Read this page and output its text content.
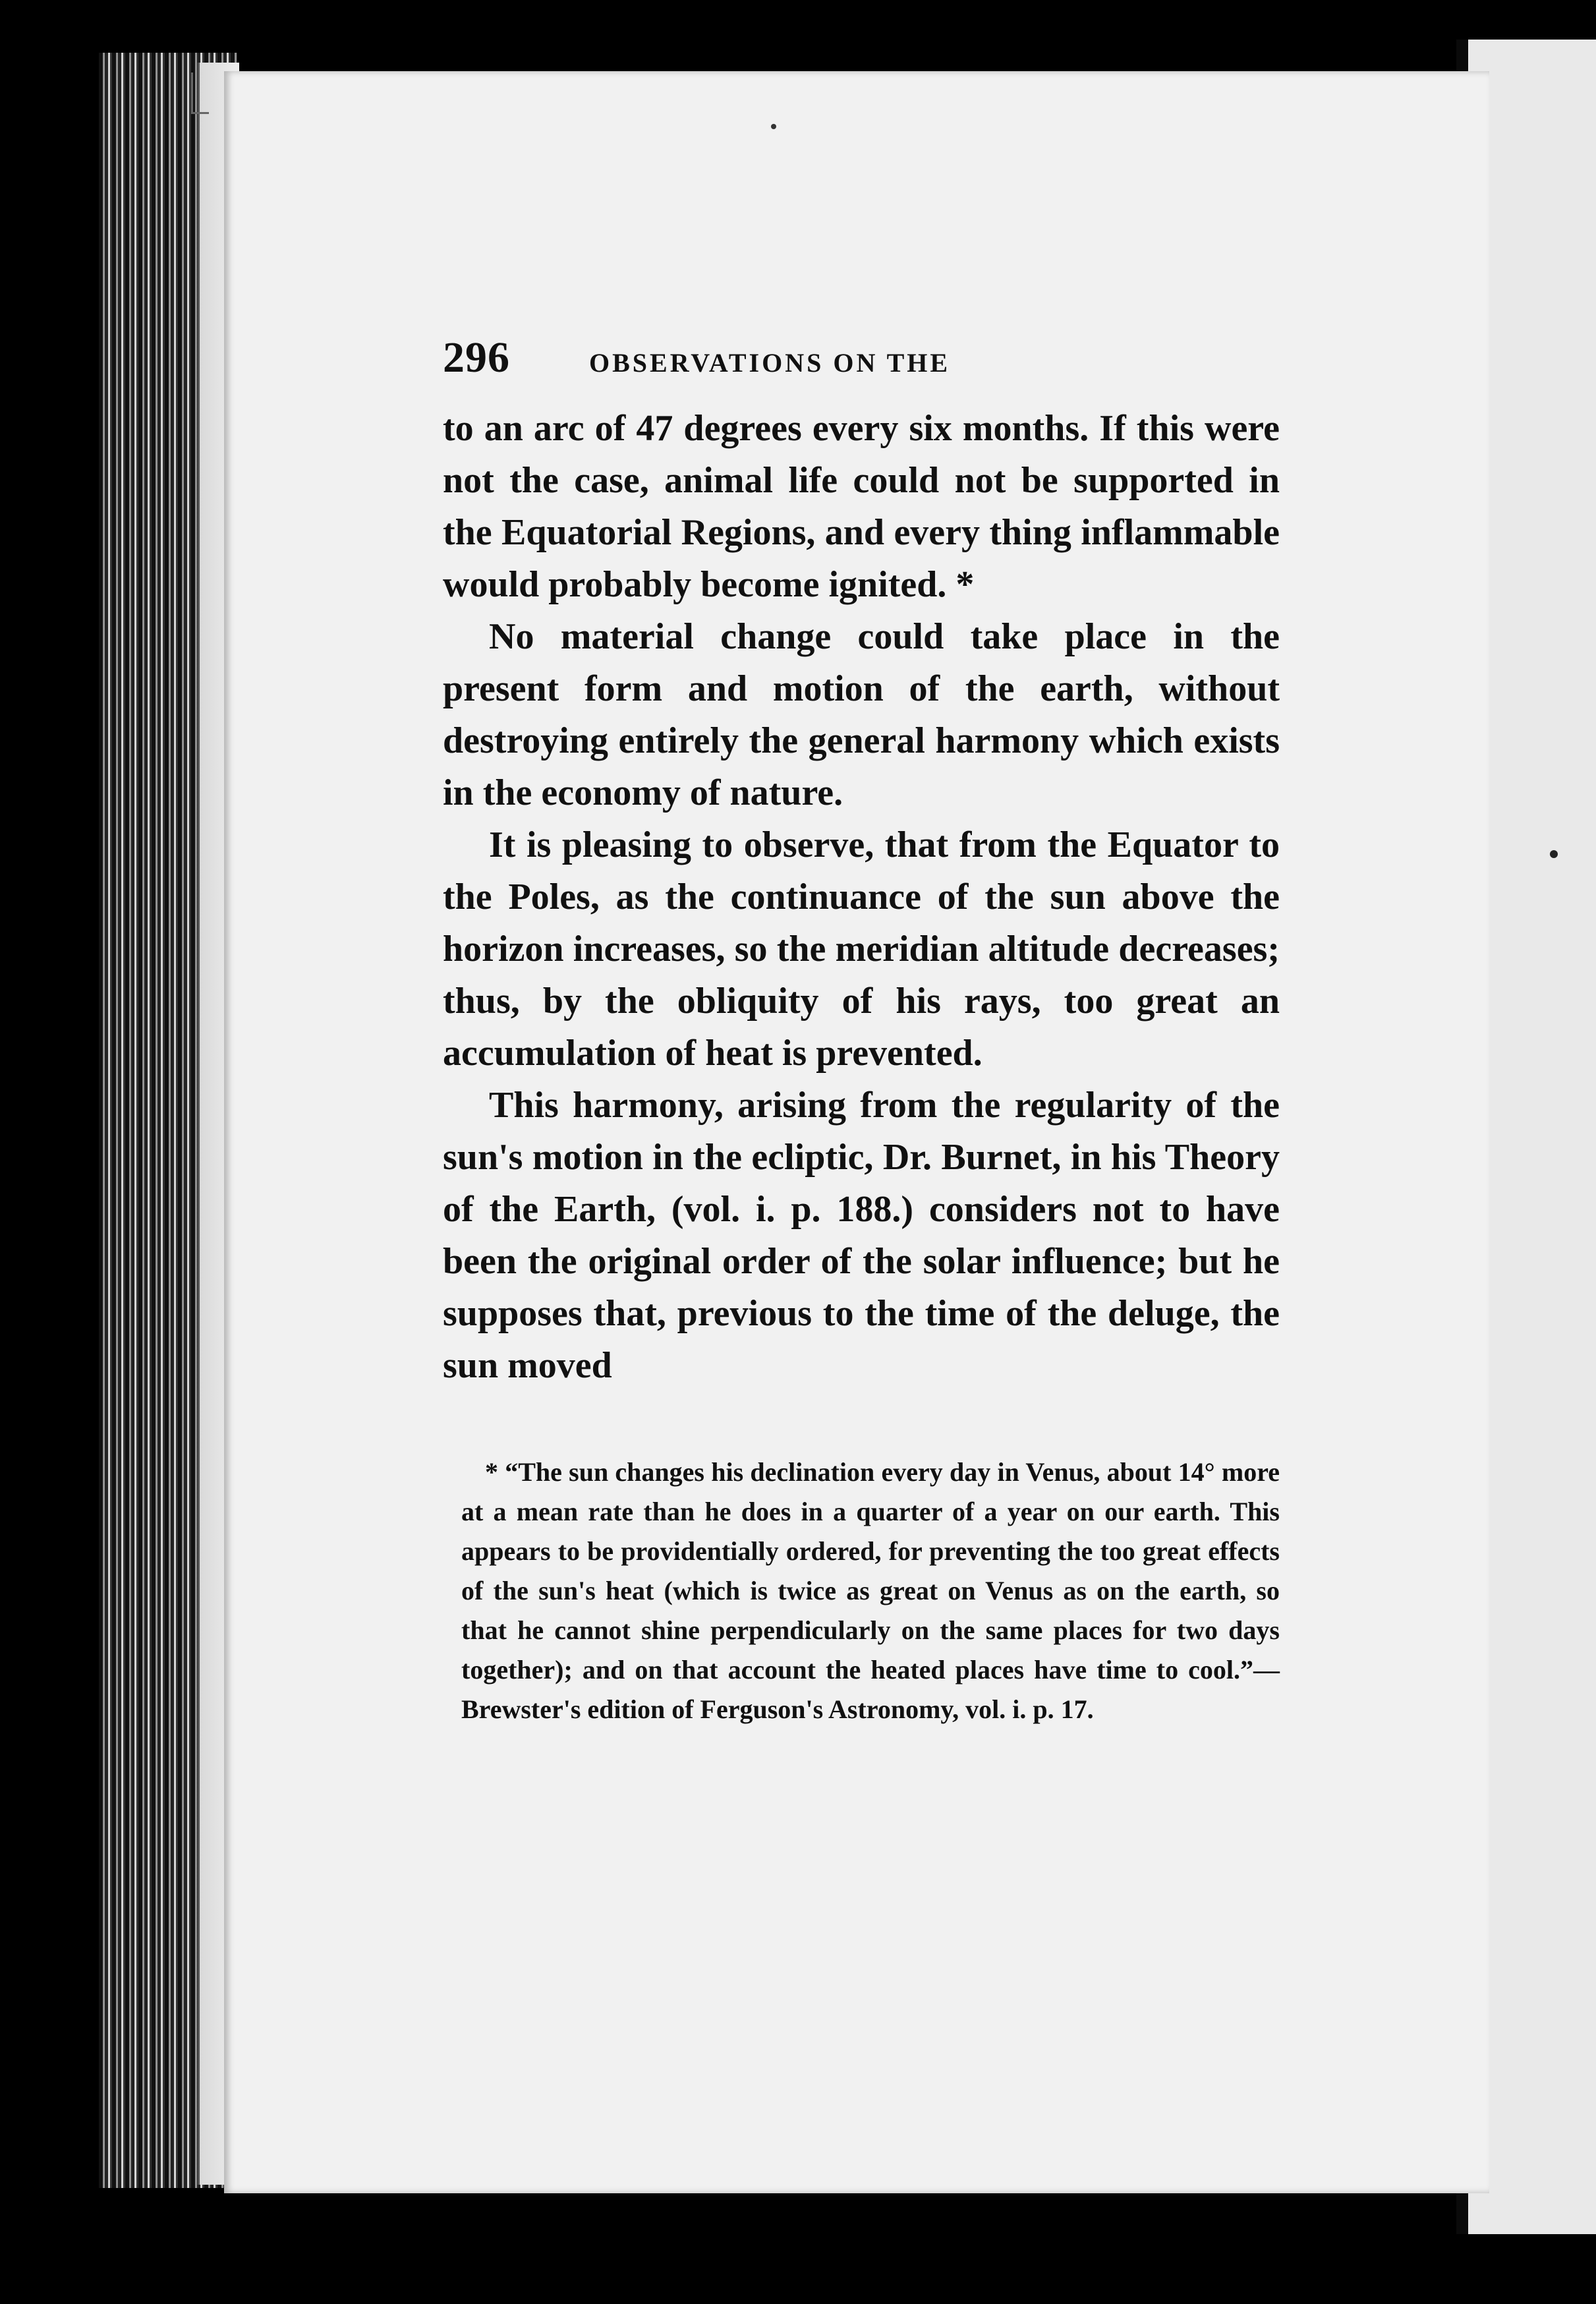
296	OBSERVATIONS ON THE

to an arc of 47 degrees every six months. If this were not the case, animal life could not be supported in the Equatorial Regions, and every thing inflammable would probably become ignited. *

No material change could take place in the present form and motion of the earth, without destroying entirely the general harmony which exists in the economy of nature.

It is pleasing to observe, that from the Equator to the Poles, as the continuance of the sun above the horizon increases, so the meridian altitude decreases; thus, by the obliquity of his rays, too great an accumulation of heat is prevented.

This harmony, arising from the regularity of the sun's motion in the ecliptic, Dr. Burnet, in his Theory of the Earth, (vol. i. p. 188.) considers not to have been the original order of the solar influence; but he supposes that, previous to the time of the deluge, the sun moved

* “The sun changes his declination every day in Venus, about 14° more at a mean rate than he does in a quarter of a year on our earth. This appears to be providentially ordered, for preventing the too great effects of the sun's heat (which is twice as great on Venus as on the earth, so that he cannot shine perpendicularly on the same places for two days together); and on that account the heated places have time to cool.”—Brewster's edition of Ferguson's Astronomy, vol. i. p. 17.
